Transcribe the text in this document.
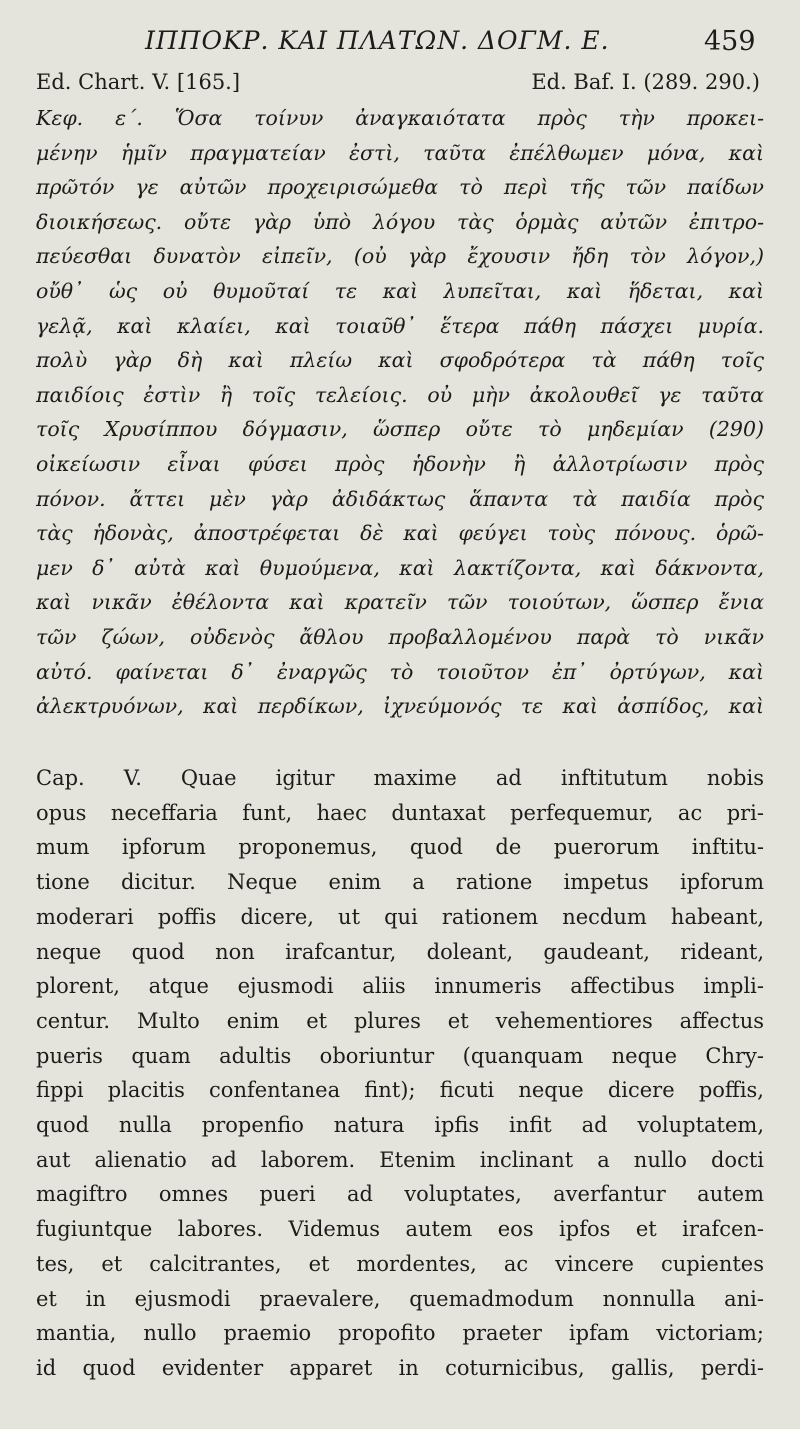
ΙΠΠΟΚΡ. ΚΑΙ ΠΛΑΤΩΝ. ΔΟΓΜ. Ε.	459
Ed. Chart. V. [165.]	Ed. Baf. I. (289. 290.)
Κεφ. ε΄. Ὅσα τοίνυν ἀναγκαιότατα πρὸς τὴν προκει-
μένην ἡμῖν πραγματείαν ἐστὶ, ταῦτα ἐπέλθωμεν μόνα, καὶ
πρῶτόν γε αὐτῶν προχειρισώμεθα τὸ περὶ τῆς τῶν παίδων
διοικήσεως. οὔτε γὰρ ὑπὸ λόγου τὰς ὁρμὰς αὐτῶν ἐπιτρο-
πεύεσθαι δυνατὸν εἰπεῖν, (οὐ γὰρ ἔχουσιν ἤδη τὸν λόγον,)
οὔθ᾽ ὡς οὐ θυμοῦταί τε καὶ λυπεῖται, καὶ ἥδεται, καὶ
γελᾷ, καὶ κλαίει, καὶ τοιαῦθ᾽ ἕτερα πάθη πάσχει μυρία.
πολὺ γὰρ δὴ καὶ πλείω καὶ σφοδρότερα τὰ πάθη τοῖς
παιδίοις ἐστὶν ἢ τοῖς τελείοις. οὐ μὴν ἀκολουθεῖ γε ταῦτα
τοῖς Χρυσίππου δόγμασιν, ὥσπερ οὔτε τὸ μηδεμίαν (290)
οἰκείωσιν εἶναι φύσει πρὸς ἡδονὴν ἢ ἀλλοτρίωσιν πρὸς
πόνον. ἄττει μὲν γὰρ ἀδιδάκτως ἅπαντα τὰ παιδία πρὸς
τὰς ἡδονὰς, ἀποστρέφεται δὲ καὶ φεύγει τοὺς πόνους. ὁρῶ-
μεν δ᾽ αὐτὰ καὶ θυμούμενα, καὶ λακτίζοντα, καὶ δάκνοντα,
καὶ νικᾶν ἐθέλοντα καὶ κρατεῖν τῶν τοιούτων, ὥσπερ ἔνια
τῶν ζώων, οὐδενὸς ἄθλου προβαλλομένου παρὰ τὸ νικᾶν
αὐτό. φαίνεται δ᾽ ἐναργῶς τὸ τοιοῦτον ἐπ᾽ ὀρτύγων, καὶ
ἀλεκτρυόνων, καὶ περδίκων, ἰχνεύμονός τε καὶ ἀσπίδος, καὶ
Cap. V. Quae igitur maxime ad inftitutum nobis
opus neceffaria funt, haec duntaxat perfequemur, ac pri-
mum ipforum proponemus, quod de puerorum inftitu-
tione dicitur. Neque enim a ratione impetus ipforum
moderari poffis dicere, ut qui rationem necdum habeant,
neque quod non irafcantur, doleant, gaudeant, rideant,
plorent, atque ejusmodi aliis innumeris affectibus impli-
centur. Multo enim et plures et vehementiores affectus
pueris quam adultis oboriuntur (quanquam neque Chry-
fippi placitis confentanea fint); ficuti neque dicere poffis,
quod nulla propenfio natura ipfis infit ad voluptatem,
aut alienatio ad laborem. Etenim inclinant a nullo docti
magiftro omnes pueri ad voluptates, averfantur autem
fugiuntque labores. Videmus autem eos ipfos et irafcen-
tes, et calcitrantes, et mordentes, ac vincere cupientes
et in ejusmodi praevalere, quemadmodum nonnulla ani-
mantia, nullo praemio propofito praeter ipfam victoriam;
id quod evidenter apparet in coturnicibus, gallis, perdi-
